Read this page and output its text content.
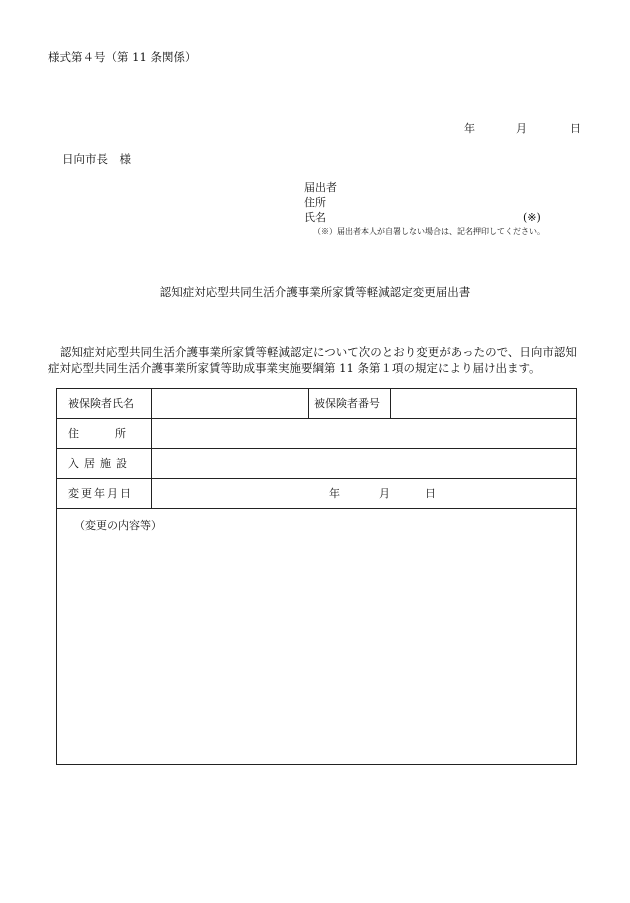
様式第４号（第 11 条関係）
年	月	日
日向市長　様
届出者
住所
氏名	(※)
（※）届出者本人が自署しない場合は、記名押印してください。
認知症対応型共同生活介護事業所家賃等軽減認定変更届出書
認知症対応型共同生活介護事業所家賃等軽減認定について次のとおり変更があったので、日向市認知症対応型共同生活介護事業所家賃等助成事業実施要綱第 11 条第１項の規定により届け出ます。
被保険者氏名	被保険者番号
住所
入居施設
変更年月日	年	月	日
（変更の内容等）
